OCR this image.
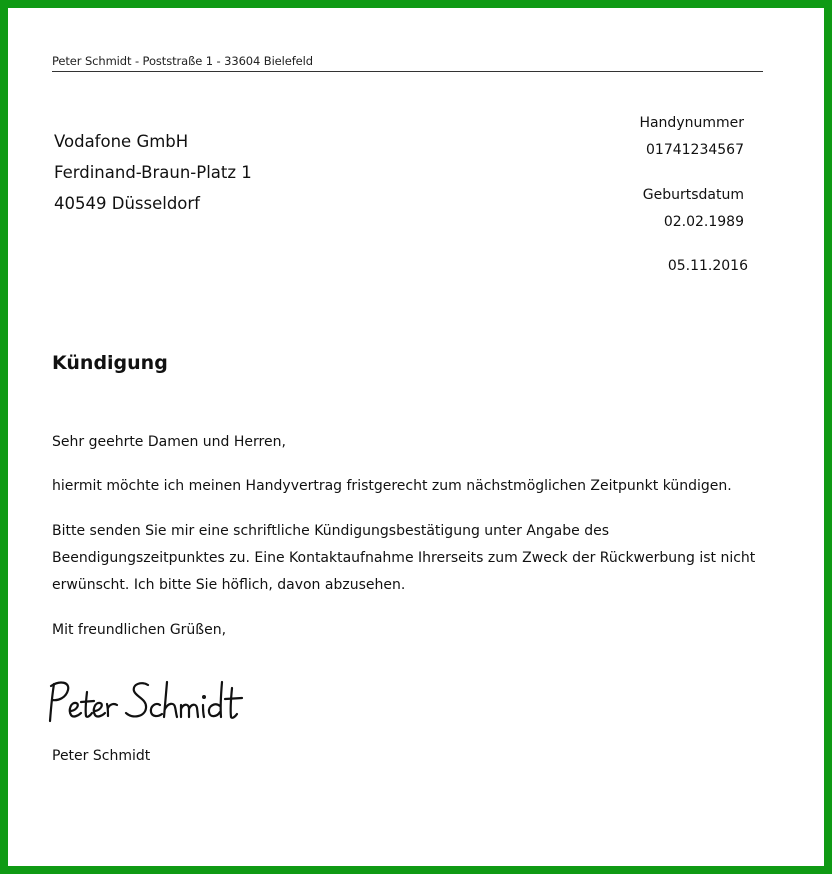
Peter Schmidt - Poststraße 1 - 33604 Bielefeld
Vodafone GmbH
Ferdinand-Braun-Platz 1
40549 Düsseldorf
Handynummer
01741234567
Geburtsdatum
02.02.1989
05.11.2016
Kündigung
Sehr geehrte Damen und Herren,
hiermit möchte ich meinen Handyvertrag fristgerecht zum nächstmöglichen Zeitpunkt kündigen.
Bitte senden Sie mir eine schriftliche Kündigungsbestätigung unter Angabe des
Beendigungszeitpunktes zu. Eine Kontaktaufnahme Ihrerseits zum Zweck der Rückwerbung ist nicht
erwünscht. Ich bitte Sie höflich, davon abzusehen.
Mit freundlichen Grüßen,
Peter Schmidt
